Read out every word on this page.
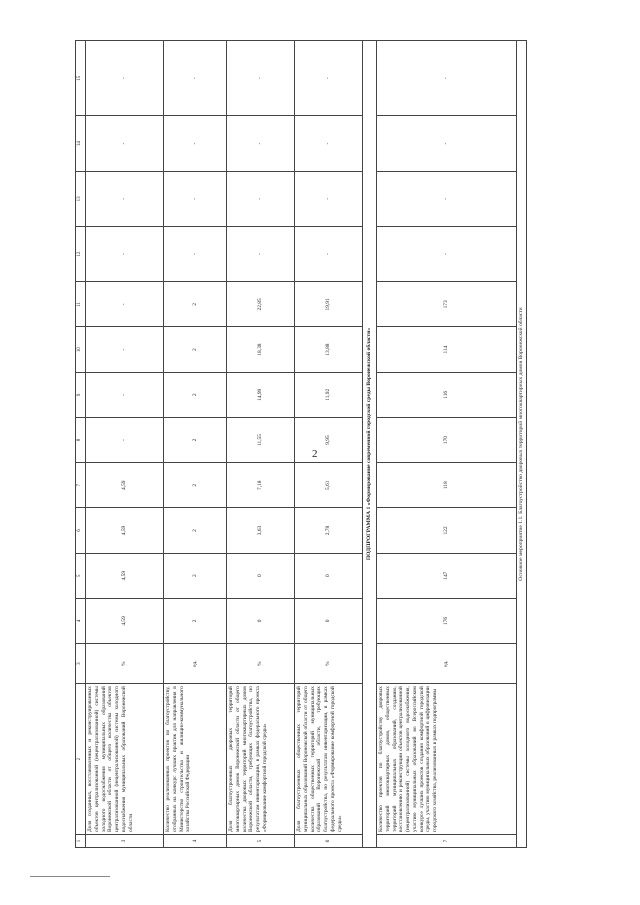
2
1	2	3	4	5	6	7	8	9	10	11	12	13	14	15
3	Доля созданных, восстановленных и реконструированных объектов централизованной (нецентрализованной) системы холодного водоснабжения муниципальных образований Воронежской области от общего количества объектов централизованной (нецентрализованной) системы холодного водоснабжения муниципальных образований Воронежской области	%	4,59	4,59	4,59	4,59	-	-	-	-	-	-	-	-
4	Количество реализованных проектов по благоустройству, отобранных на конкурс лучших практик для направления в Министерство строительства и жилищно-коммунального хозяйства Российской Федерации	ед.	2	2	2	2	2	2	2	2	-	-	-	-
5	Доля благоустроенных дворовых территорий многоквартирных домов Воронежской области от общего количества дворовых территорий многоквартирных домов Воронежской области, требующих благоустройства, по результатам инвентаризации, в рамках федерального проекта «Формирование комфортной городской среды»	%	0	0	3,63	7,18	11,55	14,99	18,38	22,85	-	-	-	-
6	Доля благоустроенных общественных территорий муниципальных образований Воронежской области от общего количества общественных территорий муниципальных образований Воронежской области, требующих благоустройства, по результатам инвентаризации, в рамках федерального проекта «Формирование комфортной городской среды»	%	0	0	2,78	5,61	9,95	11,92	13,88	19,91	-	-	-	-
ПОДПРОГРАММА 1 «Формирование современной городской среды Воронежской области»														
7	Количество проектов по благоустройству дворовых территорий многоквартирных домов, общественных территорий муниципальных образований, созданию, восстановлению и реконструкции объектов централизованной (нецентрализованной) системы холодного водоснабжения, участию муниципальных образований во Всероссийском конкурсе лучших проектов создания комфортной городской среды, участию муниципальных образований в цифровизации городского хозяйства, реализованных в рамках подпрограммы	ед.	176	147	122	118	170	116	114	173	-	-	-	-
Основное мероприятие 1.1. Благоустройство дворовых территорий многоквартирных домов Воронежской области														
